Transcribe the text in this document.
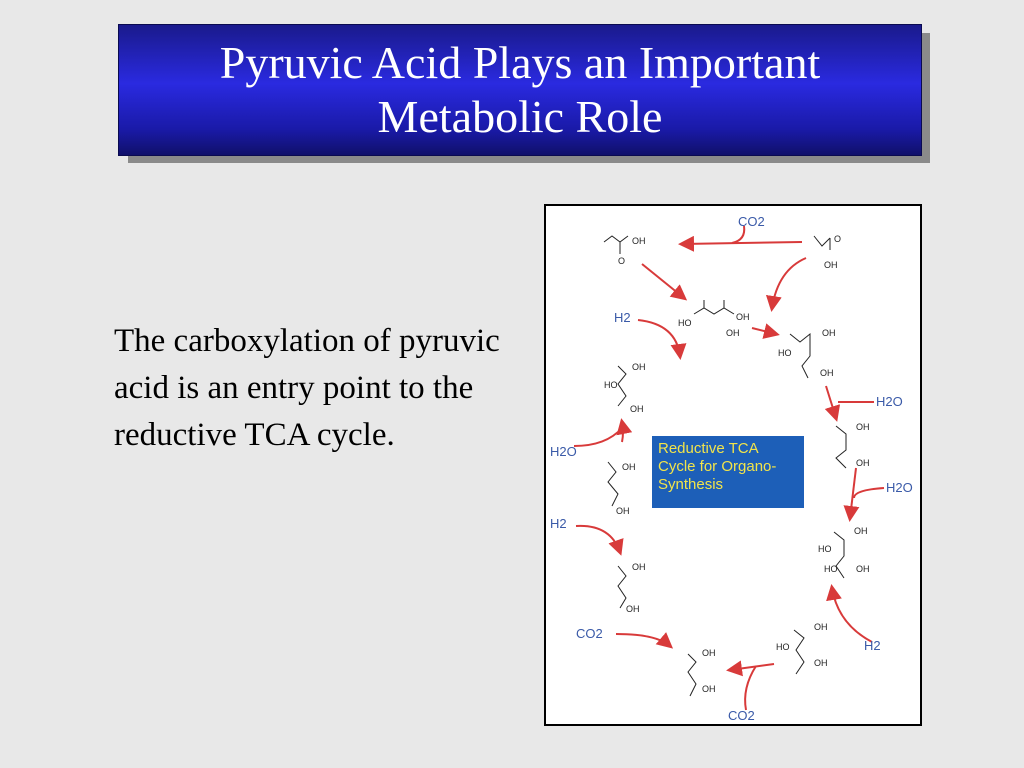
Pyruvic Acid Plays an Important
Metabolic Role
The carboxylation of pyruvic acid is an entry point to the reductive TCA cycle.
CO2
H2
H2O
H2O
H2O
H2
CO2
H2
CO2
OH
O
O
OH
HO
OH
OH	OH
HO
OH
OH
HO
OH
OH
OH
OH
OH
OH
HO
HO OH
OH
OH
OH
HO
OH
OH
OH
Reductive TCA Cycle for Organo-Synthesis
